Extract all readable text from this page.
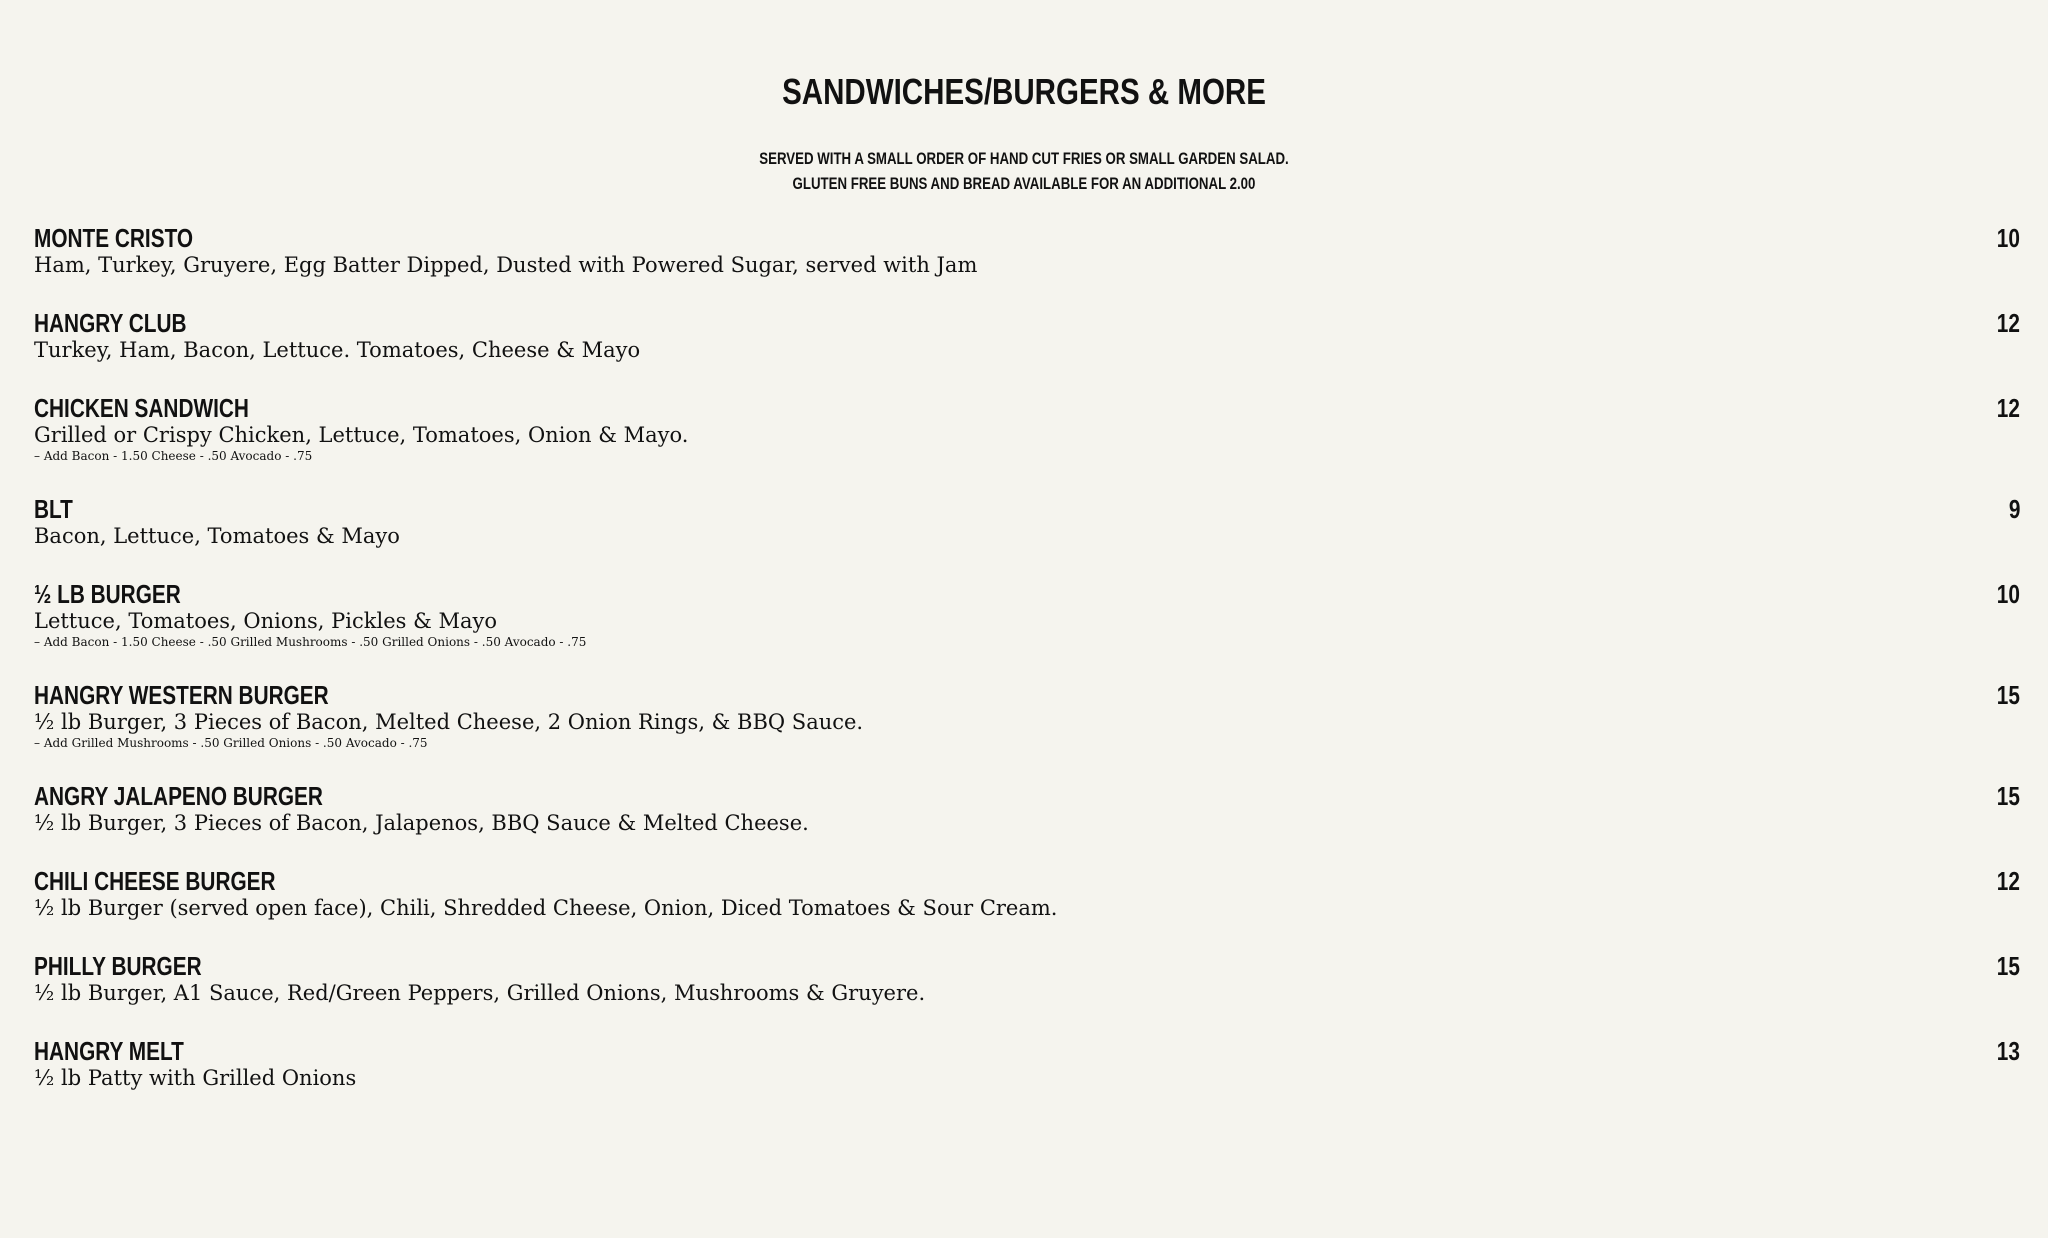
SANDWICHES/BURGERS & MORE
SERVED WITH A SMALL ORDER OF HAND CUT FRIES OR SMALL GARDEN SALAD.
GLUTEN FREE BUNS AND BREAD AVAILABLE FOR AN ADDITIONAL 2.00
MONTE CRISTO	10
Ham, Turkey, Gruyere, Egg Batter Dipped, Dusted with Powered Sugar, served with Jam
HANGRY CLUB	12
Turkey, Ham, Bacon, Lettuce. Tomatoes, Cheese & Mayo
CHICKEN SANDWICH	12
Grilled or Crispy Chicken, Lettuce, Tomatoes, Onion & Mayo.
– Add Bacon - 1.50 Cheese - .50 Avocado - .75
BLT	9
Bacon, Lettuce, Tomatoes & Mayo
½ LB BURGER	10
Lettuce, Tomatoes, Onions, Pickles & Mayo
– Add Bacon - 1.50 Cheese - .50 Grilled Mushrooms - .50 Grilled Onions - .50 Avocado - .75
HANGRY WESTERN BURGER	15
½ lb Burger, 3 Pieces of Bacon, Melted Cheese, 2 Onion Rings, & BBQ Sauce.
– Add Grilled Mushrooms - .50 Grilled Onions - .50 Avocado - .75
ANGRY JALAPENO BURGER	15
½ lb Burger, 3 Pieces of Bacon, Jalapenos, BBQ Sauce & Melted Cheese.
CHILI CHEESE BURGER	12
½ lb Burger (served open face), Chili, Shredded Cheese, Onion, Diced Tomatoes & Sour Cream.
PHILLY BURGER	15
½ lb Burger, A1 Sauce, Red/Green Peppers, Grilled Onions, Mushrooms & Gruyere.
HANGRY MELT	13
½ lb Patty with Grilled Onions
